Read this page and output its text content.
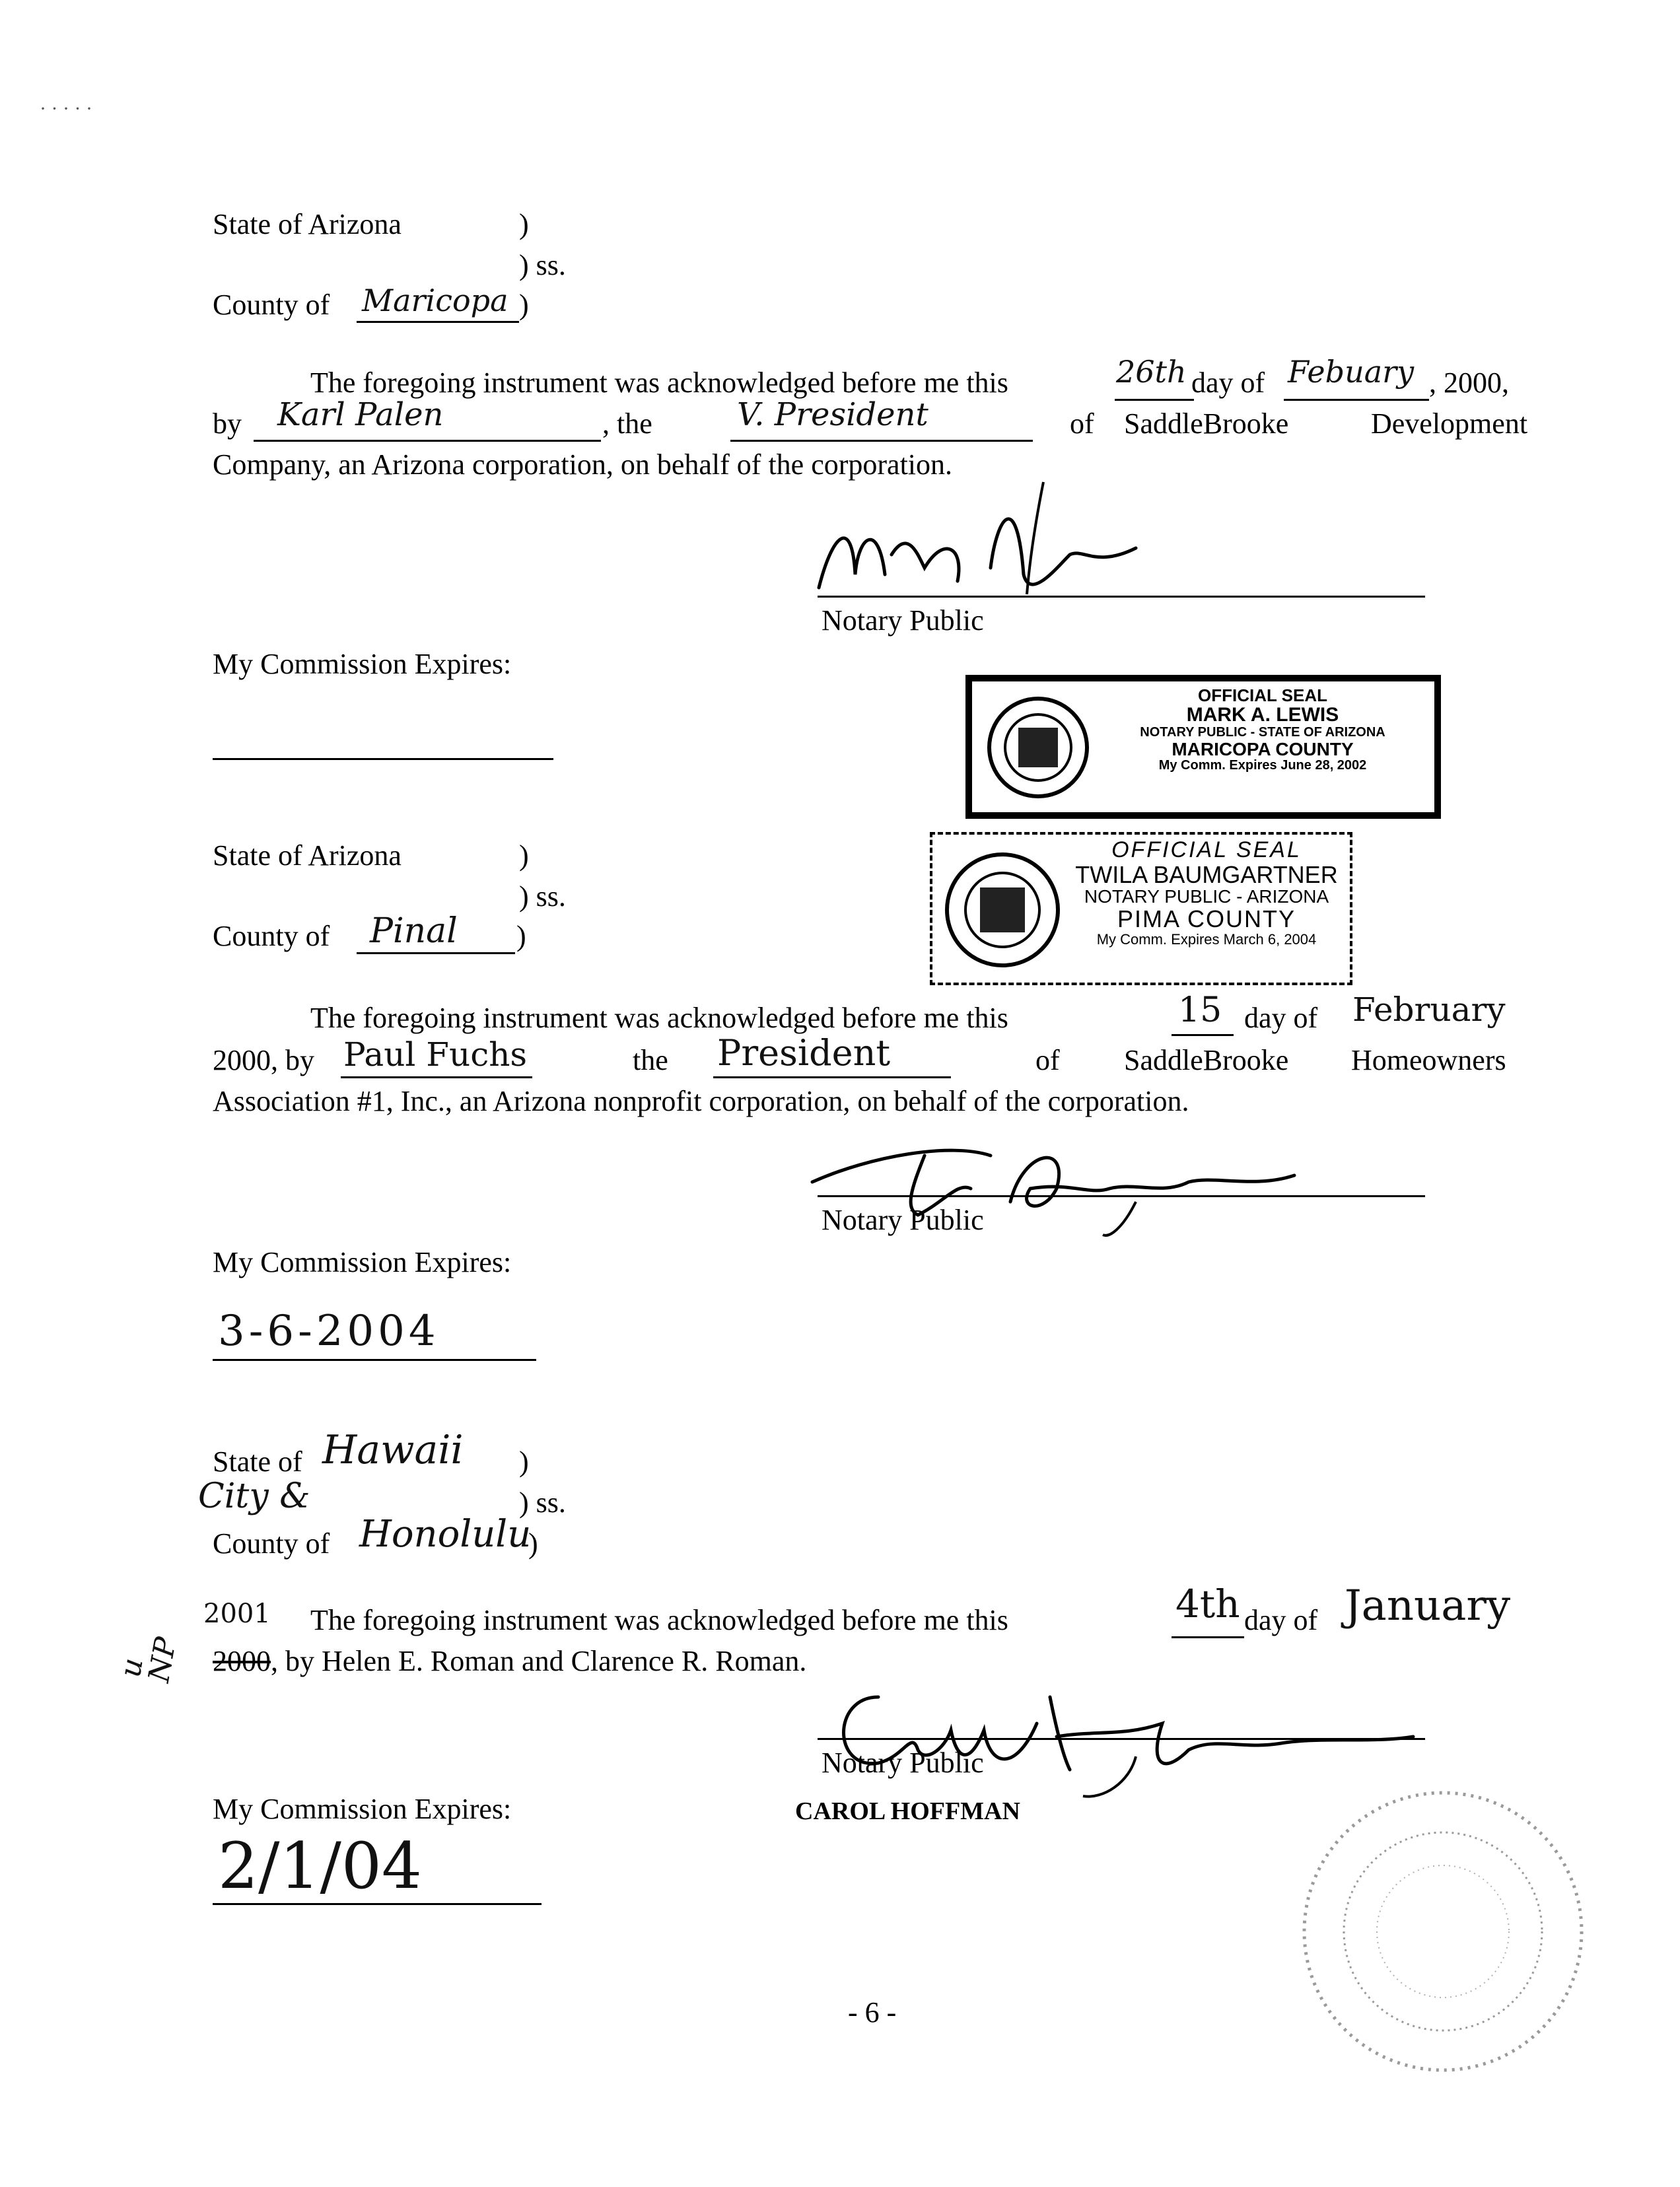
· · · · ·
State of Arizona	)
) ss.
County of Maricopa )
The foregoing instrument was acknowledged before me this	26th day of Febuary , 2000,
by Karl Palen	, the	V. President	of SaddleBrooke	Development
Company, an Arizona corporation, on behalf of the corporation.
Notary Public
My Commission Expires:
OFFICIAL SEAL
MARK A. LEWIS
NOTARY PUBLIC - STATE OF ARIZONA
MARICOPA COUNTY
My Comm. Expires June 28, 2002
State of Arizona	)
) ss.
County of Pinal )
OFFICIAL SEAL
TWILA BAUMGARTNER
NOTARY PUBLIC - ARIZONA
PIMA COUNTY
My Comm. Expires March 6, 2004
The foregoing instrument was acknowledged before me this	15 day of February
2000, by Paul Fuchs	the President	of SaddleBrooke Homeowners
Association #1, Inc., an Arizona nonprofit corporation, on behalf of the corporation.
Notary Public
My Commission Expires:
3-6-2004
State of Hawaii )
City &	) ss.
County of Honolulu
)
u NP
2001 The foregoing instrument was acknowledged before me this	4th day of January
2000 , by Helen E. Roman and Clarence R. Roman.
Notary Public
My Commission Expires:	CAROL HOFFMAN
2/1/04
- 6 -
